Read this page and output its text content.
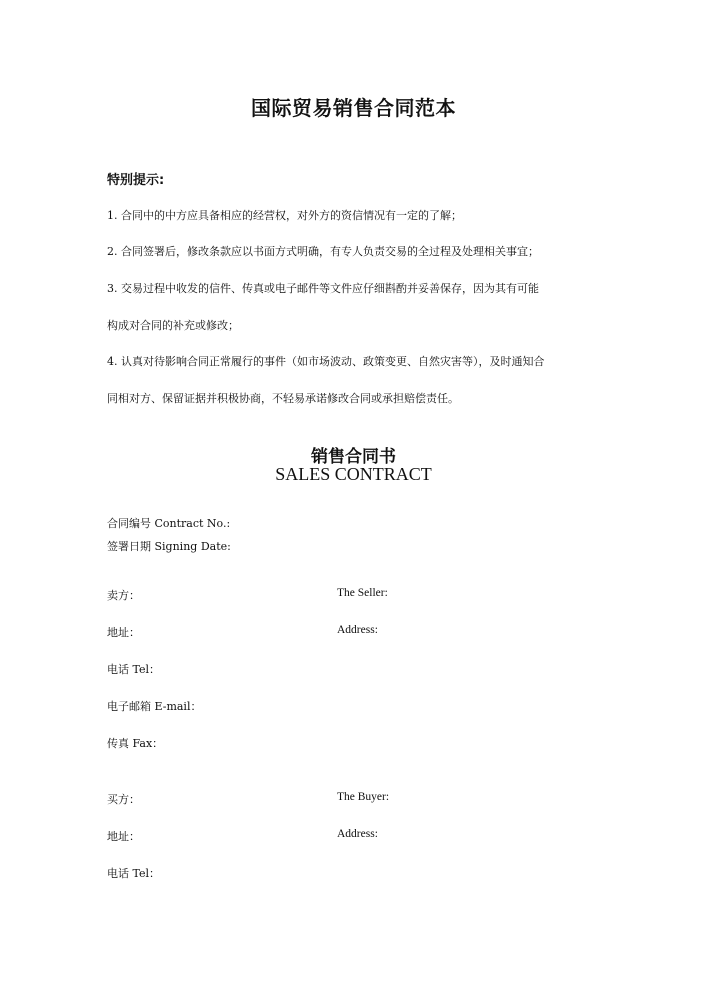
国际贸易销售合同范本
特别提示:
1. 合同中的中方应具备相应的经营权，对外方的资信情况有一定的了解；
2. 合同签署后，修改条款应以书面方式明确，有专人负责交易的全过程及处理相关事宜；
3. 交易过程中收发的信件、传真或电子邮件等文件应仔细斟酌并妥善保存，因为其有可能
构成对合同的补充或修改；
4. 认真对待影响合同正常履行的事件（如市场波动、政策变更、自然灾害等），及时通知合
同相对方、保留证据并积极协商，不轻易承诺修改合同或承担赔偿责任。
销售合同书
SALES CONTRACT
合同编号 Contract No.:
签署日期 Signing Date:
卖方：	The Seller:
地址：	Address:
电话 Tel：
电子邮箱 E-mail：
传真 Fax：
买方：	The Buyer:
地址：	Address:
电话 Tel：
